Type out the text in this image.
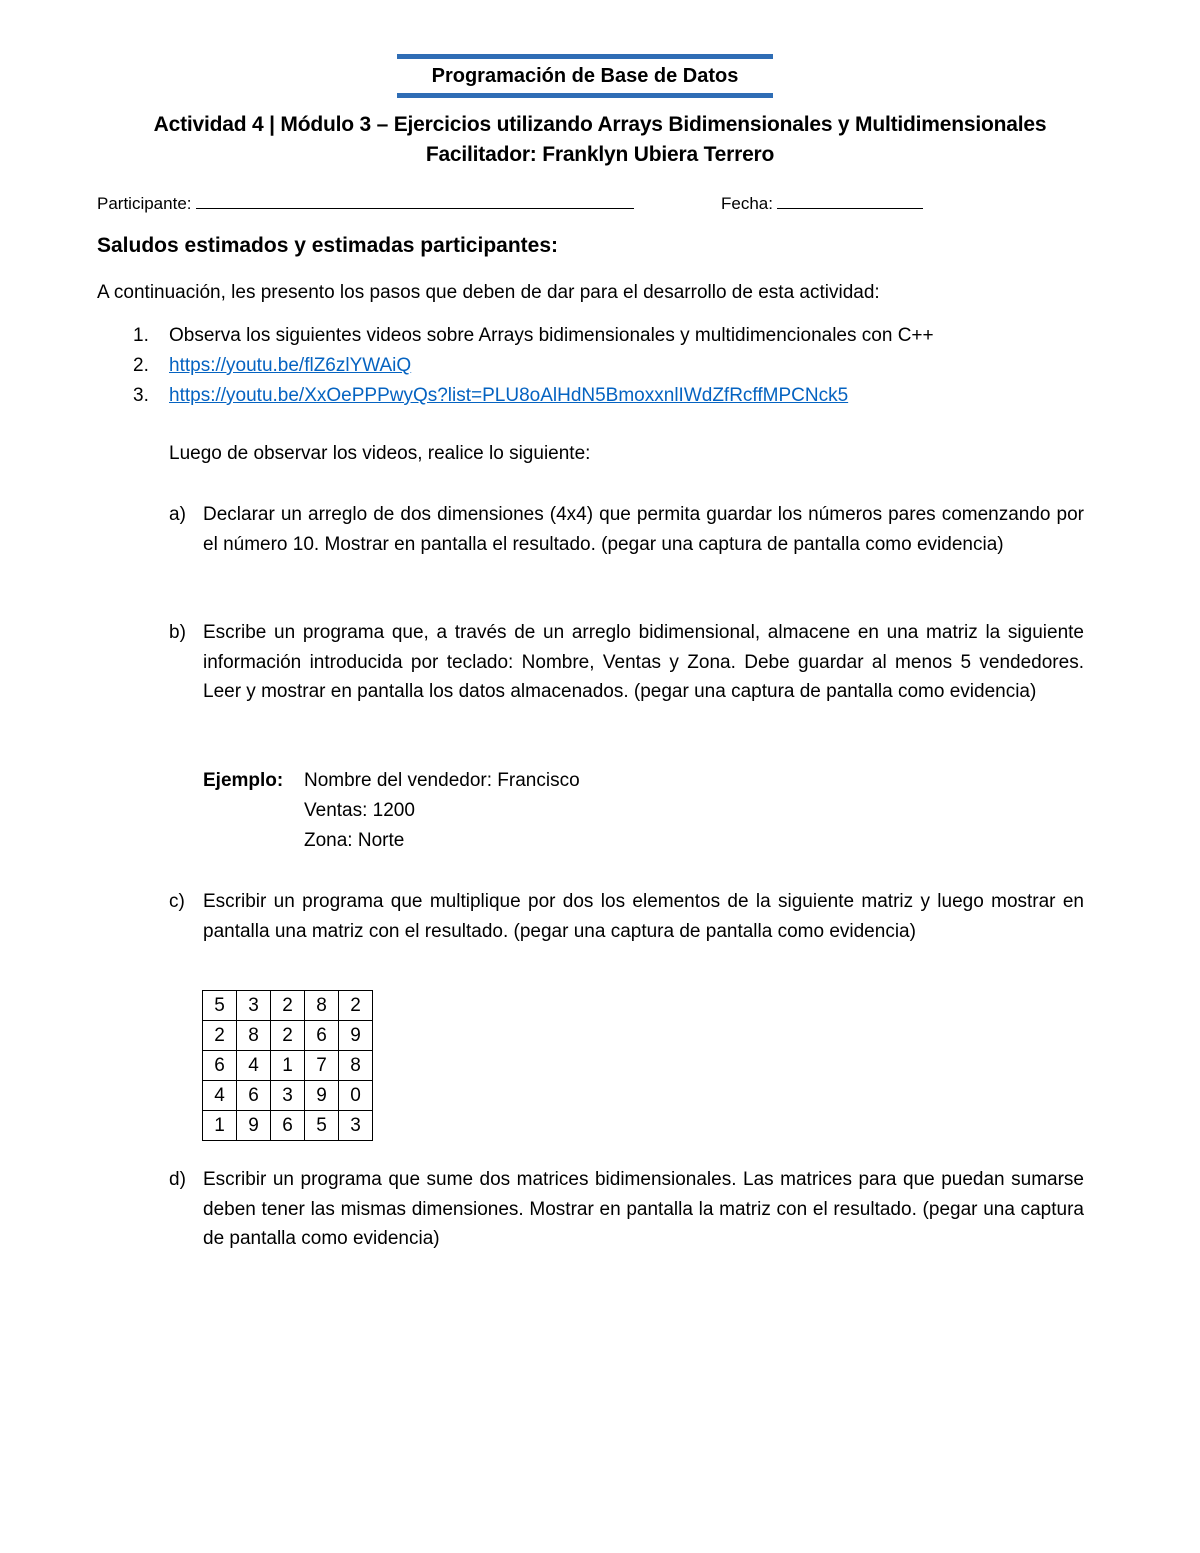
Programación de Base de Datos
Actividad 4 | Módulo 3 – Ejercicios utilizando Arrays Bidimensionales y Multidimensionales
Facilitador: Franklyn Ubiera Terrero
Participante:	Fecha:
Saludos estimados y estimadas participantes:
A continuación, les presento los pasos que deben de dar para el desarrollo de esta actividad:
1. Observa los siguientes videos sobre Arrays bidimensionales y multidimencionales con C++
2. https://youtu.be/flZ6zlYWAiQ
3. https://youtu.be/XxOePPPwyQs?list=PLU8oAlHdN5BmoxxnlIWdZfRcffMPCNck5
Luego de observar los videos, realice lo siguiente:
a) Declarar un arreglo de dos dimensiones (4x4) que permita guardar los números pares comenzando por el número 10. Mostrar en pantalla el resultado. (pegar una captura de pantalla como evidencia)
b) Escribe un programa que, a través de un arreglo bidimensional, almacene en una matriz la siguiente información introducida por teclado: Nombre, Ventas y Zona. Debe guardar al menos 5 vendedores. Leer y mostrar en pantalla los datos almacenados. (pegar una captura de pantalla como evidencia)
Ejemplo: Nombre del vendedor: Francisco
Ventas: 1200
Zona: Norte
c) Escribir un programa que multiplique por dos los elementos de la siguiente matriz y luego mostrar en pantalla una matriz con el resultado. (pegar una captura de pantalla como evidencia)
5	3	2	8	2
2	8	2	6	9
6	4	1	7	8
4	6	3	9	0
1	9	6	5	3
d) Escribir un programa que sume dos matrices bidimensionales. Las matrices para que puedan sumarse deben tener las mismas dimensiones. Mostrar en pantalla la matriz con el resultado. (pegar una captura de pantalla como evidencia)
